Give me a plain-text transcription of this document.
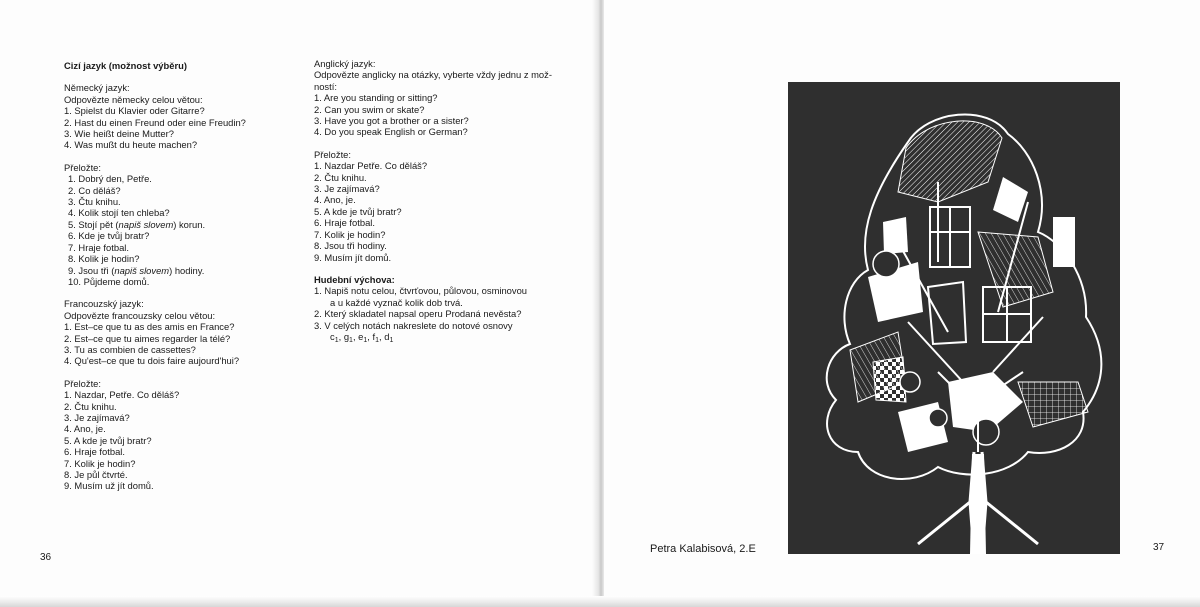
Cizí jazyk (možnost výběru)
Německý jazyk:
Odpovězte německy celou větou:
1. Spielst du Klavier oder Gitarre?
2. Hast du einen Freund oder eine Freudin?
3. Wie heißt deine Mutter?
4. Was mußt du heute machen?
Přeložte:
1. Dobrý den, Petře.
2. Co děláš?
3. Čtu knihu.
4. Kolik stojí ten chleba?
5. Stojí pět (napiš slovem) korun.
6. Kde je tvůj bratr?
7. Hraje fotbal.
8. Kolik je hodin?
9. Jsou tři (napiš slovem) hodiny.
10. Půjdeme domů.
Francouzský jazyk:
Odpovězte francouzsky celou větou:
1. Est–ce que tu as des amis en France?
2. Est–ce que tu aimes regarder la télé?
3. Tu as combien de cassettes?
4. Qu'est–ce que tu dois faire aujourd'hui?
Přeložte:
1. Nazdar, Petře. Co děláš?
2. Čtu knihu.
3. Je zajímavá?
4. Ano, je.
5. A kde je tvůj bratr?
6. Hraje fotbal.
7. Kolik je hodin?
8. Je půl čtvrté.
9. Musím už jít domů.
Anglický jazyk:
Odpovězte anglicky na otázky, vyberte vždy jednu z mož-
ností:
1. Are you standing or sitting?
2. Can you swim or skate?
3. Have you got a brother or a sister?
4. Do you speak English or German?
Přeložte:
1. Nazdar Petře. Co děláš?
2. Čtu knihu.
3. Je zajímavá?
4. Ano, je.
5. A kde je tvůj bratr?
6. Hraje fotbal.
7. Kolik je hodin?
8. Jsou tři hodiny.
9. Musím jít domů.
Hudební výchova:
1. Napiš notu celou, čtvrťovou, půlovou, osminovou
a u každé vyznač kolik dob trvá.
2. Který skladatel napsal operu Prodaná nevěsta?
3. V celých notách nakreslete do notové osnovy
$c_1$, $g_1$, $e_1$, $f_1$, $d_1$
36
Petra Kalabisová, 2.E	37
